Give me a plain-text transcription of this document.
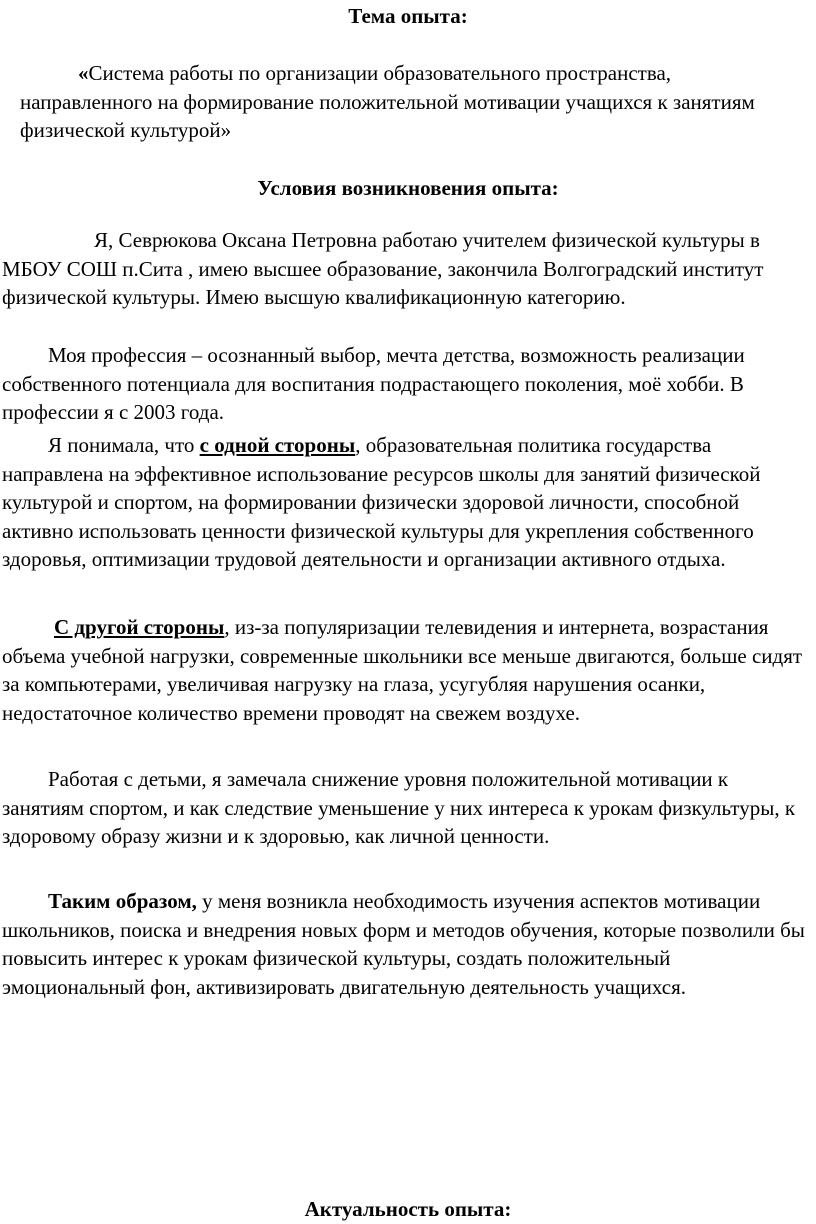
Тема опыта:

«Система работы по организации образовательного пространства, направленного на формирование положительной мотивации учащихся к занятиям физической культурой»

Условия возникновения опыта:

Я, Севрюкова Оксана Петровна работаю учителем физической культуры в МБОУ СОШ п.Сита , имею высшее образование, закончила Волгоградский институт физической культуры. Имею высшую квалификационную категорию.

Моя профессия – осознанный выбор, мечта детства, возможность реализации собственного потенциала для воспитания подрастающего поколения, моё хобби. В профессии я с 2003 года.

Я понимала, что с одной стороны, образовательная политика государства направлена на эффективное использование ресурсов школы для занятий физической культурой и спортом, на формировании физически здоровой личности, способной активно использовать ценности физической культуры для укрепления собственного здоровья, оптимизации трудовой деятельности и организации активного отдыха.

С другой стороны, из-за популяризации телевидения и интернета, возрастания объема учебной нагрузки, современные школьники все меньше двигаются, больше сидят за компьютерами, увеличивая нагрузку на глаза, усугубляя нарушения осанки, недостаточное количество времени проводят на свежем воздухе.

Работая с детьми, я замечала снижение уровня положительной мотивации к занятиям спортом, и как следствие уменьшение у них интереса к урокам физкультуры, к здоровому образу жизни и к здоровью, как личной ценности.

Таким образом, у меня возникла необходимость изучения аспектов мотивации школьников, поиска и внедрения новых форм и методов обучения, которые позволили бы повысить интерес к урокам физической культуры, создать положительный эмоциональный фон, активизировать двигательную деятельность учащихся.

Актуальность опыта:
